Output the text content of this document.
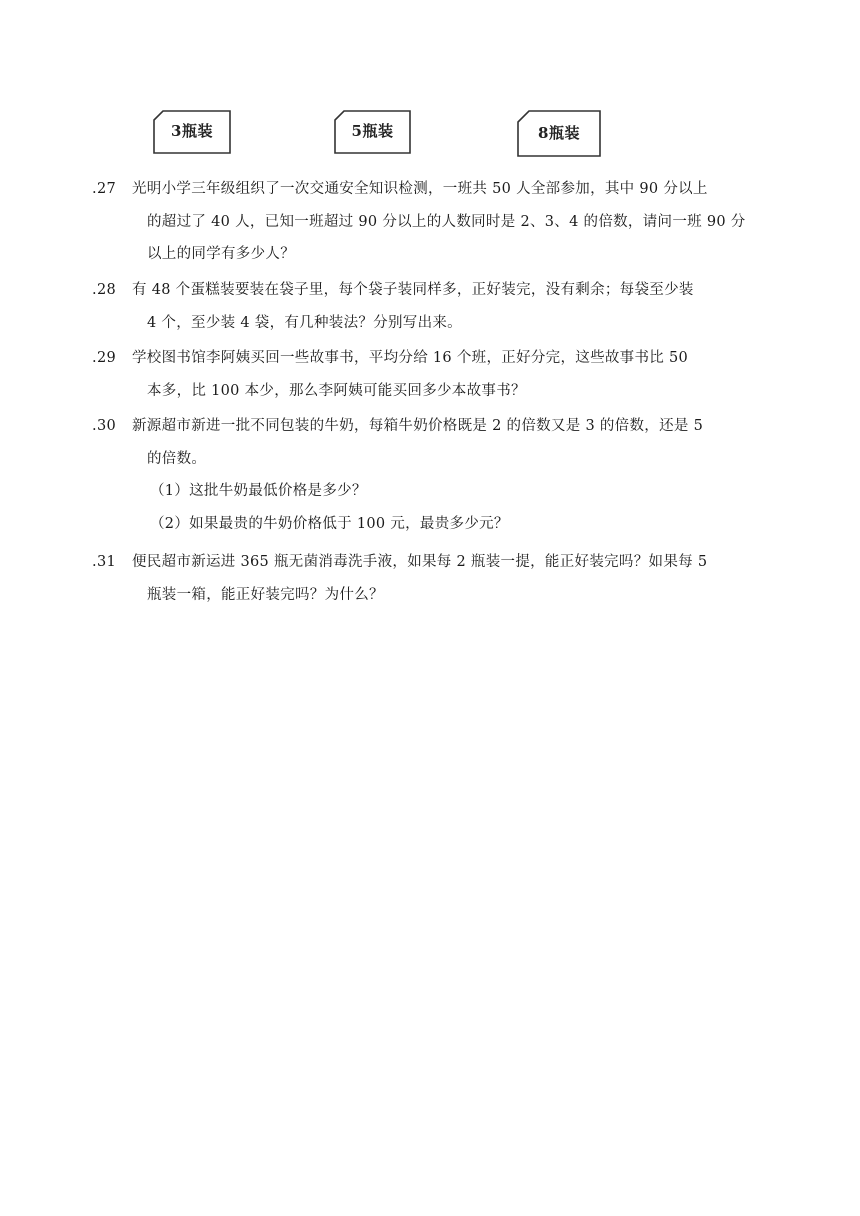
3瓶装	5瓶装	8瓶装
27. 光明小学三年级组织了一次交通安全知识检测，一班共 50 人全部参加，其中 90 分以上
的超过了 40 人，已知一班超过 90 分以上的人数同时是 2、3、4 的倍数，请问一班 90 分
以上的同学有多少人？
28. 有 48 个蛋糕装要装在袋子里，每个袋子装同样多，正好装完，没有剩余；每袋至少装
4 个，至少装 4 袋，有几种装法？分别写出来。
29. 学校图书馆李阿姨买回一些故事书，平均分给 16 个班，正好分完，这些故事书比 50
本多，比 100 本少，那么李阿姨可能买回多少本故事书？
30. 新源超市新进一批不同包装的牛奶，每箱牛奶价格既是 2 的倍数又是 3 的倍数，还是 5
的倍数。
（1）这批牛奶最低价格是多少？
（2）如果最贵的牛奶价格低于 100 元，最贵多少元？
31. 便民超市新运进 365 瓶无菌消毒洗手液，如果每 2 瓶装一提，能正好装完吗？如果每 5
瓶装一箱，能正好装完吗？为什么？
